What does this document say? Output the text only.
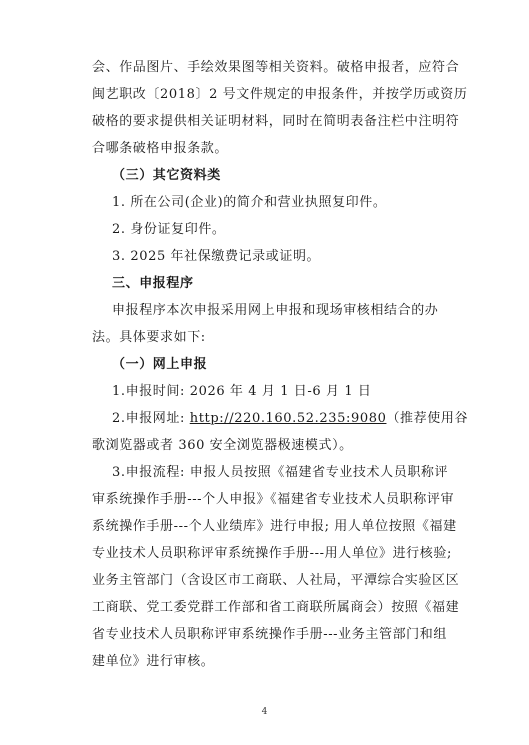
会、作品图片、手绘效果图等相关资料。破格申报者，应符合
闽艺职改〔2018〕2 号文件规定的申报条件，并按学历或资历
破格的要求提供相关证明材料，同时在简明表备注栏中注明符
合哪条破格申报条款。
（三）其它资料类
1. 所在公司(企业)的简介和营业执照复印件。
2. 身份证复印件。
3. 2025 年社保缴费记录或证明。
三、申报程序
申报程序本次申报采用网上申报和现场审核相结合的办
法。具体要求如下:
（一）网上申报
1.申报时间: 2026 年 4 月 1 日-6 月 1 日
2.申报网址: http://220.160.52.235:9080（推荐使用谷
歌浏览器或者 360 安全浏览器极速模式）。
3.申报流程: 申报人员按照《福建省专业技术人员职称评
审系统操作手册---个人申报》《福建省专业技术人员职称评审
系统操作手册---个人业绩库》进行申报; 用人单位按照《福建
专业技术人员职称评审系统操作手册---用人单位》进行核验;
业务主管部门（含设区市工商联、人社局，平潭综合实验区区
工商联、党工委党群工作部和省工商联所属商会）按照《福建
省专业技术人员职称评审系统操作手册---业务主管部门和组
建单位》进行审核。
4
